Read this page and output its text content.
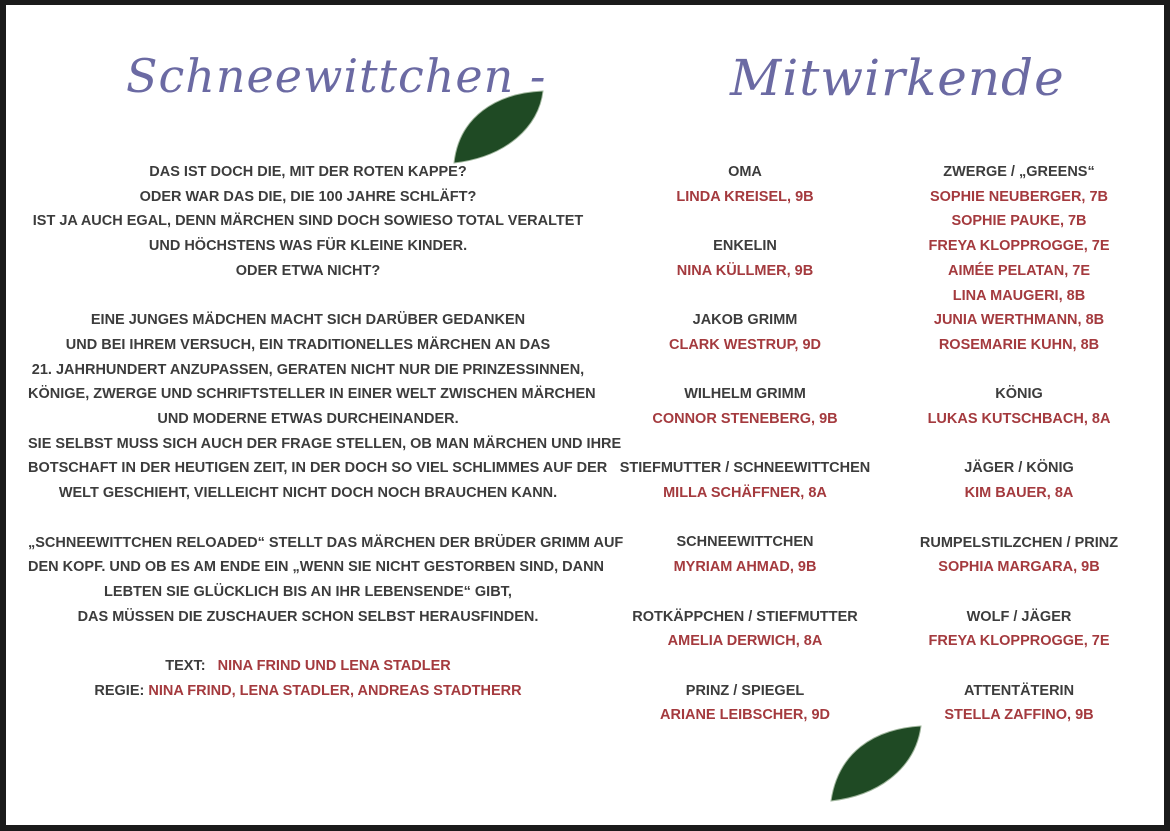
Schneewittchen -	Mitwirkende
DAS IST DOCH DIE, MIT DER ROTEN KAPPE?
ODER WAR DAS DIE, DIE 100 JAHRE SCHLÄFT?
IST JA AUCH EGAL, DENN MÄRCHEN SIND DOCH SOWIESO TOTAL VERALTET
UND HÖCHSTENS WAS FÜR KLEINE KINDER.
ODER ETWA NICHT?
EINE JUNGES MÄDCHEN MACHT SICH DARÜBER GEDANKEN
UND BEI IHREM VERSUCH, EIN TRADITIONELLES MÄRCHEN AN DAS
21. JAHRHUNDERT ANZUPASSEN, GERATEN NICHT NUR DIE PRINZESSINNEN,
KÖNIGE, ZWERGE UND SCHRIFTSTELLER IN EINER WELT ZWISCHEN MÄRCHEN
UND MODERNE ETWAS DURCHEINANDER.
SIE SELBST MUSS SICH AUCH DER FRAGE STELLEN, OB MAN MÄRCHEN UND IHRE
BOTSCHAFT IN DER HEUTIGEN ZEIT, IN DER DOCH SO VIEL SCHLIMMES AUF DER
WELT GESCHIEHT, VIELLEICHT NICHT DOCH NOCH BRAUCHEN KANN.
„SCHNEEWITTCHEN RELOADED“ STELLT DAS MÄRCHEN DER BRÜDER GRIMM AUF
DEN KOPF. UND OB ES AM ENDE EIN „WENN SIE NICHT GESTORBEN SIND, DANN
LEBTEN SIE GLÜCKLICH BIS AN IHR LEBENSENDE“ GIBT,
DAS MÜSSEN DIE ZUSCHAUER SCHON SELBST HERAUSFINDEN.
TEXT: NINA FRIND UND LENA STADLER
REGIE: NINA FRIND, LENA STADLER, ANDREAS STADTHERR
OMA
LINDA KREISEL, 9B
ENKELIN
NINA KÜLLMER, 9B
JAKOB GRIMM
CLARK WESTRUP, 9D
WILHELM GRIMM
CONNOR STENEBERG, 9B
STIEFMUTTER / SCHNEEWITTCHEN
MILLA SCHÄFFNER, 8A
SCHNEEWITTCHEN
MYRIAM AHMAD, 9B
ROTKÄPPCHEN / STIEFMUTTER
AMELIA DERWICH, 8A
PRINZ / SPIEGEL
ARIANE LEIBSCHER, 9D
ZWERGE / „GREENS“
SOPHIE NEUBERGER, 7B
SOPHIE PAUKE, 7B
FREYA KLOPPROGGE, 7E
AIMÉE PELATAN, 7E
LINA MAUGERI, 8B
JUNIA WERTHMANN, 8B
ROSEMARIE KUHN, 8B
KÖNIG
LUKAS KUTSCHBACH, 8A
JÄGER / KÖNIG
KIM BAUER, 8A
RUMPELSTILZCHEN / PRINZ
SOPHIA MARGARA, 9B
WOLF / JÄGER
FREYA KLOPPROGGE, 7E
ATTENTÄTERIN
STELLA ZAFFINO, 9B
